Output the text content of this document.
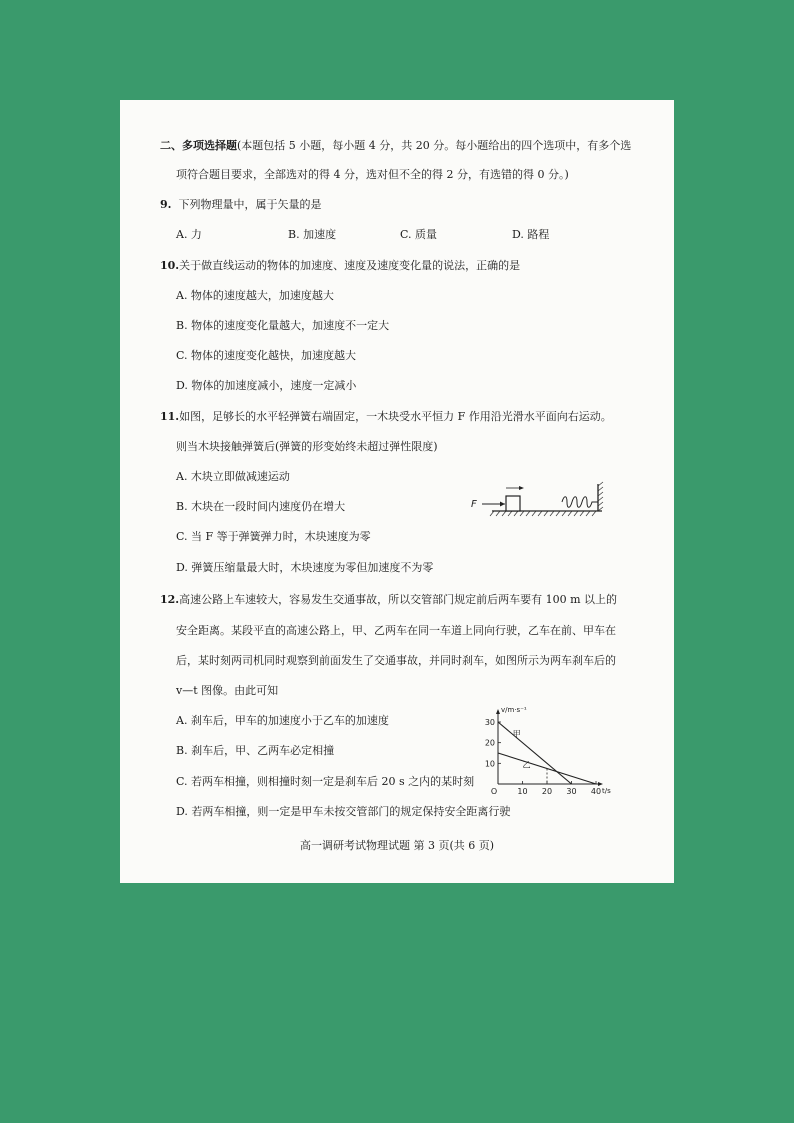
二、多项选择题(本题包括 5 小题，每小题 4 分，共 20 分。每小题给出的四个选项中，有多个选
项符合题目要求，全部选对的得 4 分，选对但不全的得 2 分，有选错的得 0 分。)
9. 下列物理量中，属于矢量的是
A. 力	B. 加速度	C. 质量	D. 路程
10.关于做直线运动的物体的加速度、速度及速度变化量的说法，正确的是
A. 物体的速度越大，加速度越大
B. 物体的速度变化量越大，加速度不一定大
C. 物体的速度变化越快，加速度越大
D. 物体的加速度减小，速度一定减小
11.如图，足够长的水平轻弹簧右端固定，一木块受水平恒力 F 作用沿光滑水平面向右运动。
则当木块接触弹簧后(弹簧的形变始终未超过弹性限度)
A. 木块立即做减速运动
B. 木块在一段时间内速度仍在增大
C. 当 F 等于弹簧弹力时，木块速度为零
D. 弹簧压缩量最大时，木块速度为零但加速度不为零
F
12.高速公路上车速较大，容易发生交通事故，所以交管部门规定前后两车要有 100 m 以上的
安全距离。某段平直的高速公路上，甲、乙两车在同一车道上同向行驶，乙车在前、甲车在
后，某时刻两司机同时观察到前面发生了交通事故，并同时刹车，如图所示为两车刹车后的
v—t 图像。由此可知
A. 刹车后，甲车的加速度小于乙车的加速度
B. 刹车后，甲、乙两车必定相撞
C. 若两车相撞，则相撞时刻一定是刹车后 20 s 之内的某时刻
D. 若两车相撞，则一定是甲车未按交管部门的规定保持安全距离行驶
v/m·s⁻¹
t/s
O
10
20
30
10 20 30 40
甲
乙
高一调研考试物理试题 第 3 页(共 6 页)
